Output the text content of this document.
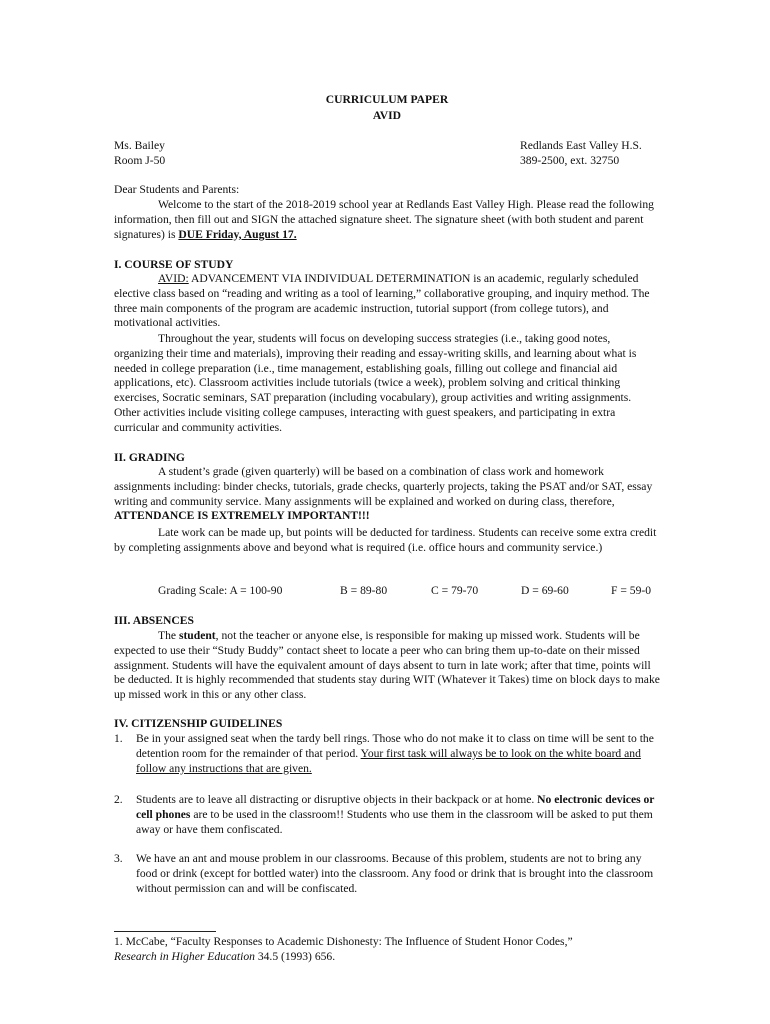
CURRICULUM PAPER
AVID
Ms. Bailey
Room J-50
Redlands East Valley H.S.
389-2500, ext. 32750
Dear Students and Parents:
Welcome to the start of the 2018-2019 school year at Redlands East Valley High. Please read the following information, then fill out and SIGN the attached signature sheet. The signature sheet (with both student and parent signatures) is DUE Friday, August 17.
I. COURSE OF STUDY
AVID: ADVANCEMENT VIA INDIVIDUAL DETERMINATION is an academic, regularly scheduled elective class based on “reading and writing as a tool of learning,” collaborative grouping, and inquiry method. The three main components of the program are academic instruction, tutorial support (from college tutors), and motivational activities.
Throughout the year, students will focus on developing success strategies (i.e., taking good notes, organizing their time and materials), improving their reading and essay-writing skills, and learning about what is needed in college preparation (i.e., time management, establishing goals, filling out college and financial aid applications, etc). Classroom activities include tutorials (twice a week), problem solving and critical thinking exercises, Socratic seminars, SAT preparation (including vocabulary), group activities and writing assignments. Other activities include visiting college campuses, interacting with guest speakers, and participating in extra curricular and community activities.
II. GRADING
A student’s grade (given quarterly) will be based on a combination of class work and homework assignments including: binder checks, tutorials, grade checks, quarterly projects, taking the PSAT and/or SAT, essay writing and community service. Many assignments will be explained and worked on during class, therefore, ATTENDANCE IS EXTREMELY IMPORTANT!!!
Late work can be made up, but points will be deducted for tardiness. Students can receive some extra credit by completing assignments above and beyond what is required (i.e. office hours and community service.)
Grading Scale: A = 100-90	B = 89-80	C = 79-70	D = 69-60	F = 59-0
III. ABSENCES
The student, not the teacher or anyone else, is responsible for making up missed work. Students will be expected to use their “Study Buddy” contact sheet to locate a peer who can bring them up-to-date on their missed assignment. Students will have the equivalent amount of days absent to turn in late work; after that time, points will be deducted. It is highly recommended that students stay during WIT (Whatever it Takes) time on block days to make up missed work in this or any other class.
IV. CITIZENSHIP GUIDELINES
1.	Be in your assigned seat when the tardy bell rings. Those who do not make it to class on time will be sent to the detention room for the remainder of that period. Your first task will always be to look on the white board and follow any instructions that are given.
2.	Students are to leave all distracting or disruptive objects in their backpack or at home. No electronic devices or cell phones are to be used in the classroom!! Students who use them in the classroom will be asked to put them away or have them confiscated.
3.	We have an ant and mouse problem in our classrooms. Because of this problem, students are not to bring any food or drink (except for bottled water) into the classroom. Any food or drink that is brought into the classroom without permission can and will be confiscated.
1. McCabe, “Faculty Responses to Academic Dishonesty: The Influence of Student Honor Codes,”
Research in Higher Education 34.5 (1993) 656.
